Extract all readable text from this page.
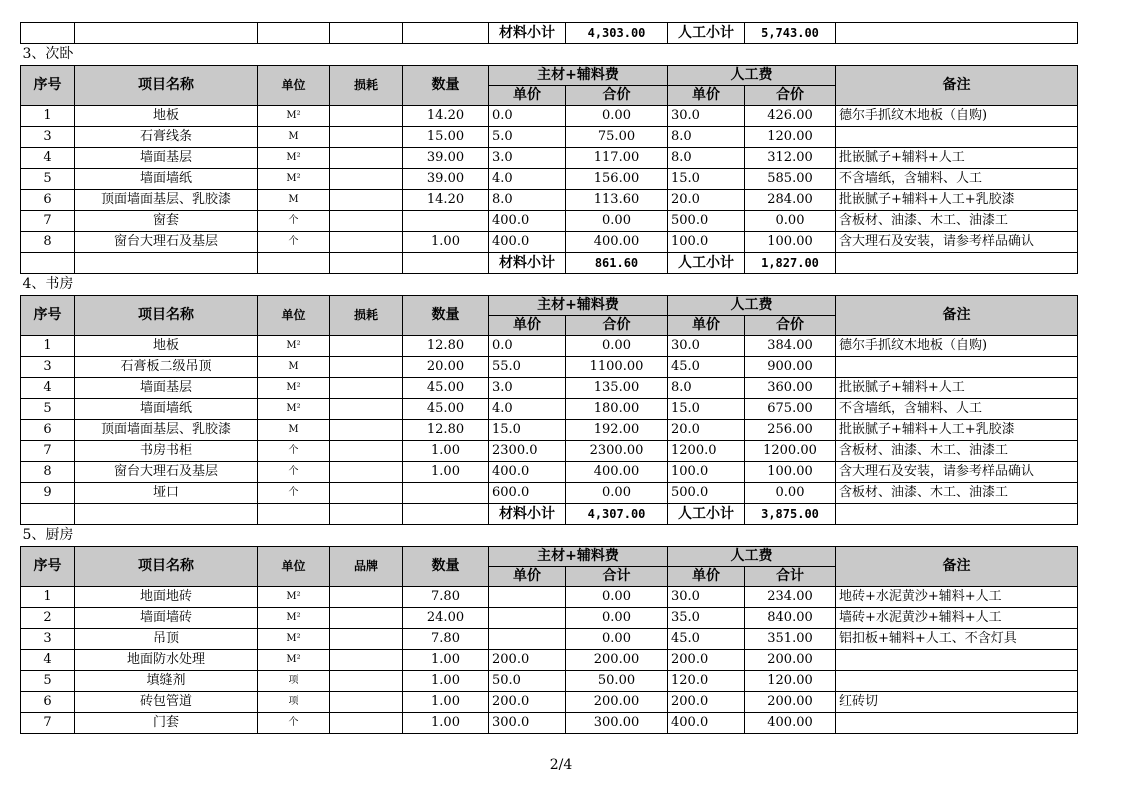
					材料小计	4,303.00	人工小计	5,743.00	
3、次卧									
序号	项目名称	单位	损耗	数量	主材+辅料费		人工费		备注
					单价	合价	单价	合价	
1	地板	M²		14.20	0.0	0.00	30.0	426.00	德尔手抓纹木地板（自购)
3	石膏线条	M		15.00	5.0	75.00	8.0	120.00	
4	墙面基层	M²		39.00	3.0	117.00	8.0	312.00	批嵌腻子+辅料+人工
5	墙面墙纸	M²		39.00	4.0	156.00	15.0	585.00	不含墙纸，含辅料、人工
6	顶面墙面基层、乳胶漆	M		14.20	8.0	113.60	20.0	284.00	批嵌腻子+辅料+人工+乳胶漆
7	窗套	个			400.0	0.00	500.0	0.00	含板材、油漆、木工、油漆工
8	窗台大理石及基层	个		1.00	400.0	400.00	100.0	100.00	含大理石及安装，请参考样品确认
					材料小计	861.60	人工小计	1,827.00	
4、书房									
序号	项目名称	单位	损耗	数量	主材+辅料费		人工费		备注
					单价	合价	单价	合价	
1	地板	M²		12.80	0.0	0.00	30.0	384.00	德尔手抓纹木地板（自购)
3	石膏板二级吊顶	M		20.00	55.0	1100.00	45.0	900.00	
4	墙面基层	M²		45.00	3.0	135.00	8.0	360.00	批嵌腻子+辅料+人工
5	墙面墙纸	M²		45.00	4.0	180.00	15.0	675.00	不含墙纸，含辅料、人工
6	顶面墙面基层、乳胶漆	M		12.80	15.0	192.00	20.0	256.00	批嵌腻子+辅料+人工+乳胶漆
7	书房书柜	个		1.00	2300.0	2300.00	1200.0	1200.00	含板材、油漆、木工、油漆工
8	窗台大理石及基层	个		1.00	400.0	400.00	100.0	100.00	含大理石及安装，请参考样品确认
9	垭口	个			600.0	0.00	500.0	0.00	含板材、油漆、木工、油漆工
					材料小计	4,307.00	人工小计	3,875.00	
5、厨房									
序号	项目名称	单位	品牌	数量	主材+辅料费		人工费		备注
					单价	合计	单价	合计	
1	地面地砖	M²		7.80		0.00	30.0	234.00	地砖+水泥黄沙+辅料+人工
2	墙面墙砖	M²		24.00		0.00	35.0	840.00	墙砖+水泥黄沙+辅料+人工
3	吊顶	M²		7.80		0.00	45.0	351.00	铝扣板+辅料+人工、不含灯具
4	地面防水处理	M²		1.00	200.0	200.00	200.0	200.00	
5	填缝剂	项		1.00	50.0	50.00	120.0	120.00	
6	砖包管道	项		1.00	200.0	200.00	200.0	200.00	红砖切
7	门套	个		1.00	300.0	300.00	400.0	400.00	
2/4
